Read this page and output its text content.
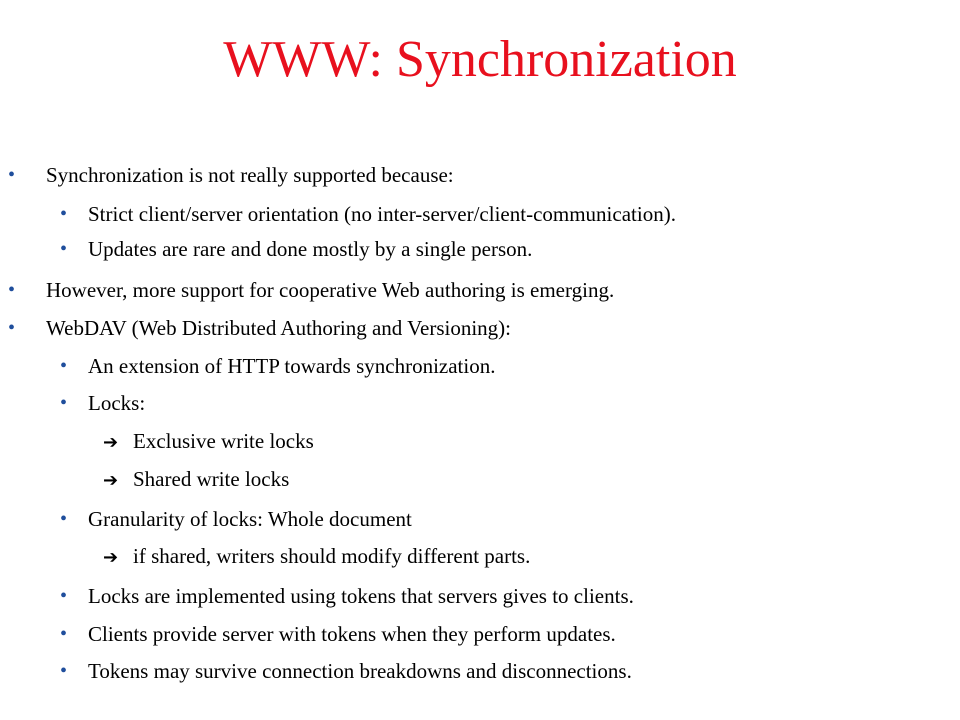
WWW: Synchronization
• Synchronization is not really supported because:
• Strict client/server orientation (no inter-server/client-communication).
• Updates are rare and done mostly by a single person.
• However, more support for cooperative Web authoring is emerging.
• WebDAV (Web Distributed Authoring and Versioning):
• An extension of HTTP towards synchronization.
• Locks:
➔ Exclusive write locks
➔ Shared write locks
• Granularity of locks: Whole document
➔ if shared, writers should modify different parts.
• Locks are implemented using tokens that servers gives to clients.
• Clients provide server with tokens when they perform updates.
• Tokens may survive connection breakdowns and disconnections.
